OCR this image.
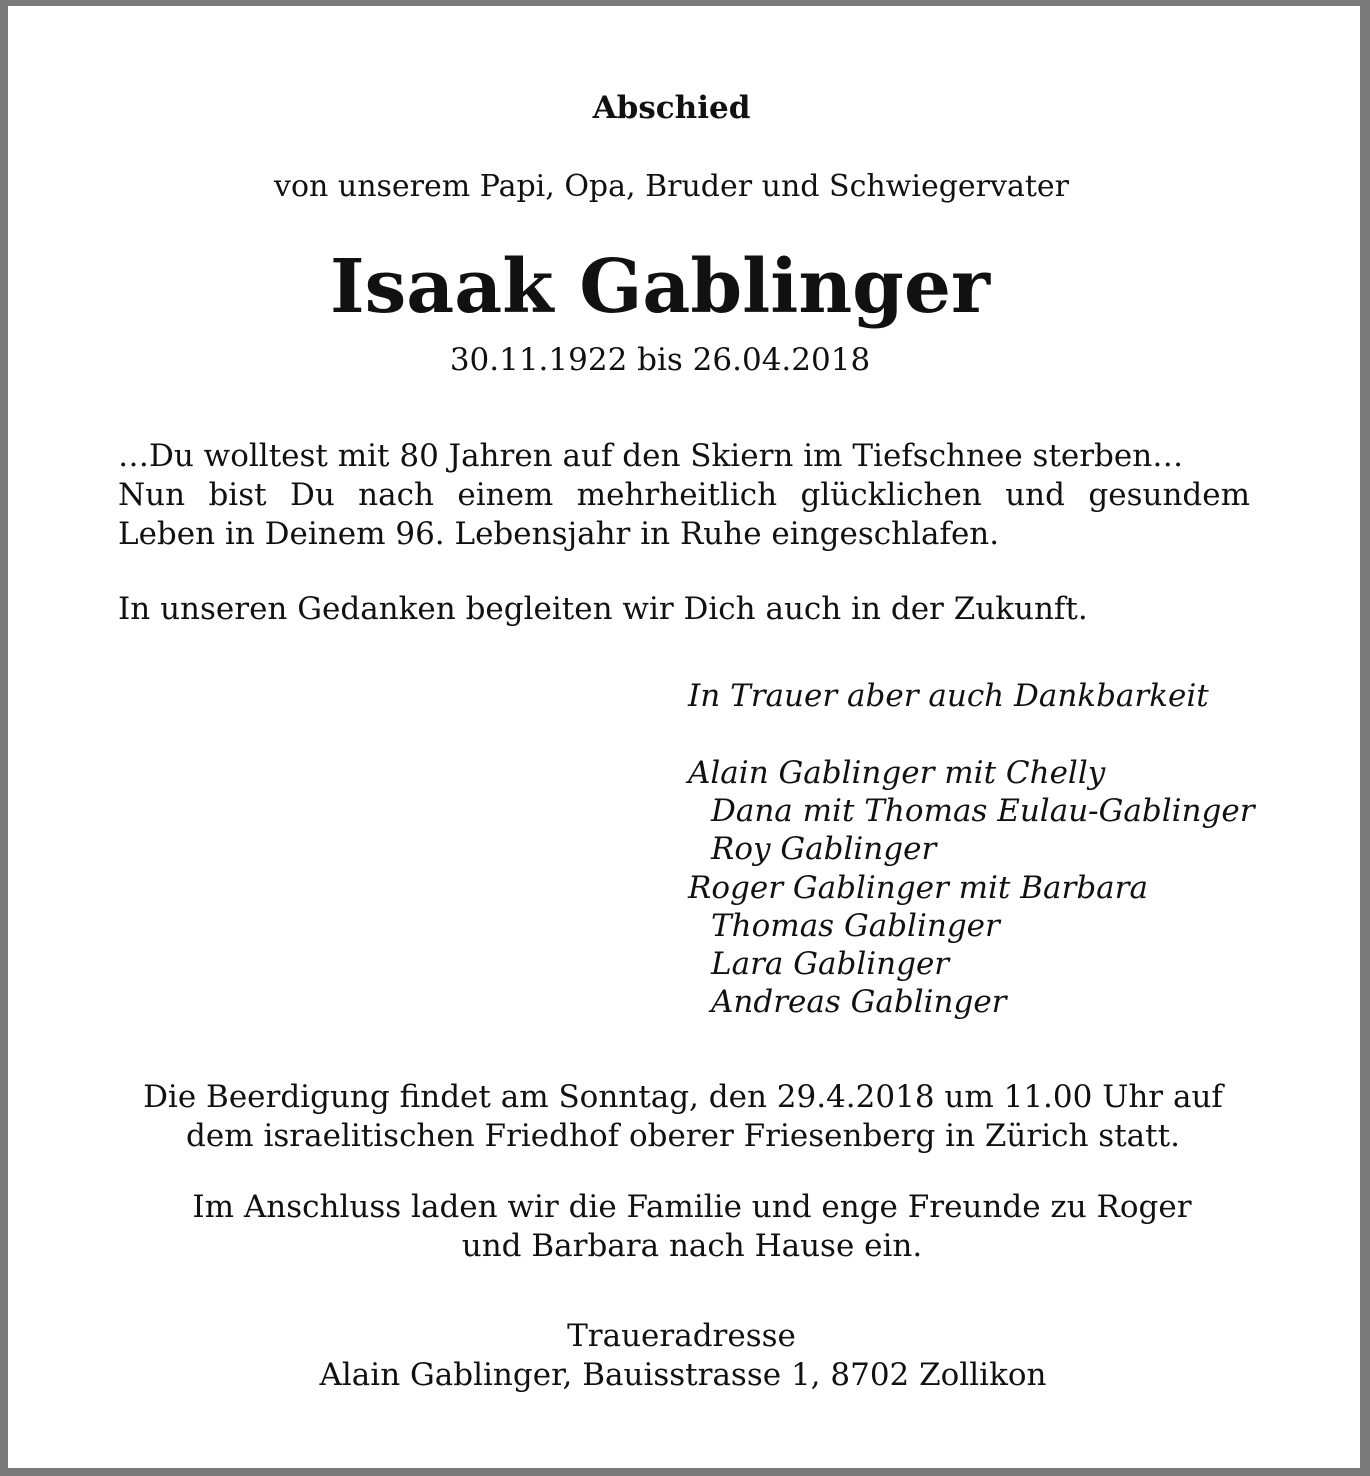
Abschied
von unserem Papi, Opa, Bruder und Schwiegervater
Isaak Gablinger
30.11.1922 bis 26.04.2018
…Du wolltest mit 80 Jahren auf den Skiern im Tiefschnee sterben…
Nun bist Du nach einem mehrheitlich glücklichen und gesundem
Leben in Deinem 96. Lebensjahr in Ruhe eingeschlafen.
In unseren Gedanken begleiten wir Dich auch in der Zukunft.
In Trauer aber auch Dankbarkeit
Alain Gablinger mit Chelly
Dana mit Thomas Eulau-Gablinger
Roy Gablinger
Roger Gablinger mit Barbara
Thomas Gablinger
Lara Gablinger
Andreas Gablinger
Die Beerdigung findet am Sonntag, den 29.4.2018 um 11.00 Uhr auf
dem israelitischen Friedhof oberer Friesenberg in Zürich statt.
Im Anschluss laden wir die Familie und enge Freunde zu Roger
und Barbara nach Hause ein.
Traueradresse
Alain Gablinger, Bauisstrasse 1, 8702 Zollikon
